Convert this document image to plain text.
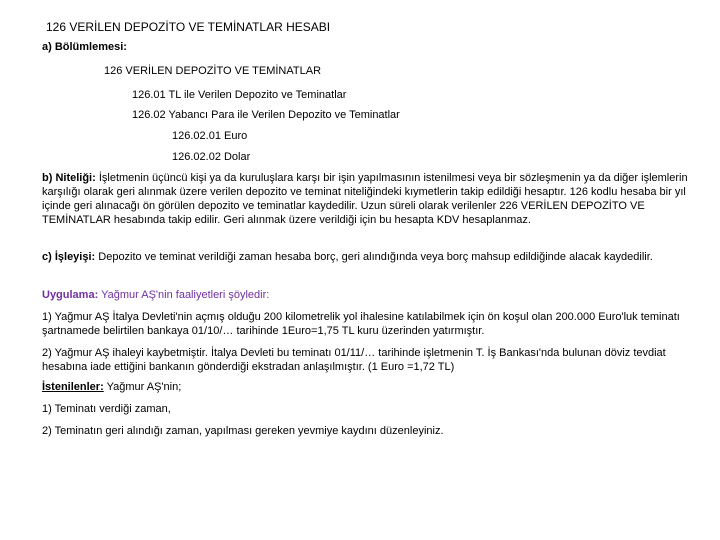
126 VERİLEN DEPOZİTO VE TEMİNATLAR HESABI
a) Bölümlemesi:
126 VERİLEN DEPOZİTO VE TEMİNATLAR
126.01 TL ile Verilen Depozito ve Teminatlar
126.02 Yabancı Para ile Verilen Depozito ve Teminatlar
126.02.01 Euro
126.02.02 Dolar
b) Niteliği: İşletmenin üçüncü kişi ya da kuruluşlara karşı bir işin yapılmasının istenilmesi veya bir sözleşmenin ya da diğer işlemlerin karşılığı olarak geri alınmak üzere verilen depozito ve teminat niteliğindeki kıymetlerin takip edildiği hesaptır. 126 kodlu hesaba bir yıl içinde geri alınacağı ön görülen depozito ve teminatlar kaydedilir. Uzun süreli olarak verilenler 226 VERİLEN DEPOZİTO VE TEMİNATLAR hesabında takip edilir. Geri alınmak üzere verildiği için bu hesapta KDV hesaplanmaz.
c) İşleyişi: Depozito ve teminat verildiği zaman hesaba borç, geri alındığında veya borç mahsup edildiğinde alacak kaydedilir.
Uygulama: Yağmur AŞ'nin faaliyetleri şöyledir:
1) Yağmur AŞ İtalya Devleti'nin açmış olduğu 200 kilometrelik yol ihalesine katılabilmek için ön koşul olan 200.000 Euro'luk teminatı şartnamede belirtilen bankaya 01/10/… tarihinde 1Euro=1,75 TL kuru üzerinden yatırmıştır.
2) Yağmur AŞ ihaleyi kaybetmiştir. İtalya Devleti bu teminatı 01/11/… tarihinde işletmenin T. İş Bankası'nda bulunan döviz tevdiat hesabına iade ettiğini bankanın gönderdiği ekstradan anlaşılmıştır. (1 Euro =1,72 TL)
İstenilenler: Yağmur AŞ'nin;
1) Teminatı verdiği zaman,
2) Teminatın geri alındığı zaman, yapılması gereken yevmiye kaydını düzenleyiniz.
